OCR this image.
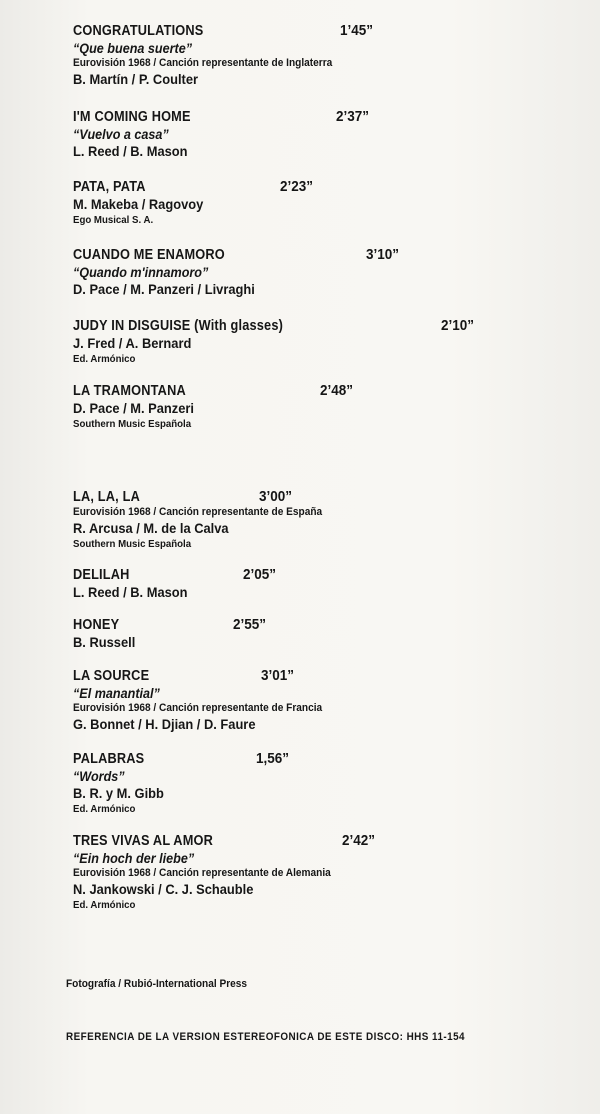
CONGRATULATIONS	1’45”
“Que buena suerte”
Eurovisión 1968 / Canción representante de Inglaterra
B. Martín / P. Coulter
I'M COMING HOME	2’37”
“Vuelvo a casa”
L. Reed / B. Mason
PATA, PATA	2’23”
M. Makeba / Ragovoy
Ego Musical S. A.
CUANDO ME ENAMORO	3’10”
“Quando m'innamoro”
D. Pace / M. Panzeri / Livraghi
JUDY IN DISGUISE (With glasses)	2’10”
J. Fred / A. Bernard
Ed. Armónico
LA TRAMONTANA	2’48”
D. Pace / M. Panzeri
Southern Music Española
LA, LA, LA	3’00”
Eurovisión 1968 / Canción representante de España
R. Arcusa / M. de la Calva
Southern Music Española
DELILAH	2’05”
L. Reed / B. Mason
HONEY	2’55”
B. Russell
LA SOURCE	3’01”
“El manantial”
Eurovisión 1968 / Canción representante de Francia
G. Bonnet / H. Djian / D. Faure
PALABRAS	1,56”
“Words”
B. R. y M. Gibb
Ed. Armónico
TRES VIVAS AL AMOR	2’42”
“Ein hoch der liebe”
Eurovisión 1968 / Canción representante de Alemania
N. Jankowski / C. J. Schauble
Ed. Armónico
Fotografía / Rubió-International Press
REFERENCIA DE LA VERSION ESTEREOFONICA DE ESTE DISCO: HHS 11-154
